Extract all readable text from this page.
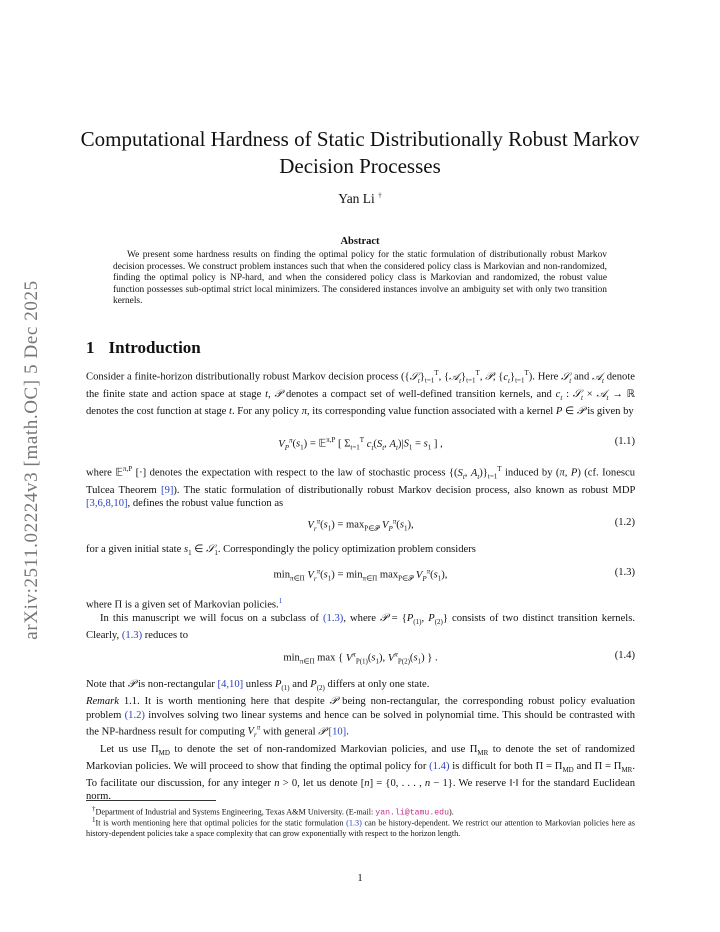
arXiv:2511.02224v3 [math.OC] 5 Dec 2025
Computational Hardness of Static Distributionally Robust Markov Decision Processes
Yan Li †
Abstract
We present some hardness results on finding the optimal policy for the static formulation of distributionally robust Markov decision processes. We construct problem instances such that when the considered policy class is Markovian and non-randomized, finding the optimal policy is NP-hard, and when the considered policy class is Markovian and randomized, the robust value function possesses sub-optimal strict local minimizers. The considered instances involve an ambiguity set with only two transition kernels.
1 Introduction
Consider a finite-horizon distributionally robust Markov decision process ($\{𝒮_t\}_{t=1}^T$, $\{𝒜_t\}_{t=1}^T$, 𝒫, $\{c_t\}_{t=1}^T$). Here 𝒮$_t$ and 𝒜$_t$ denote the finite state and action space at stage t, 𝒫 denotes a compact set of well-defined transition kernels, and $c_t$ : 𝒮$_t$ × 𝒜$_t$ → ℝ denotes the cost function at stage t. For any policy π, its corresponding value function associated with a kernel P ∈ 𝒫 is given by
$V_P^\pi(s_1)$ = 𝔼$^{\pi,P}$ [ $\Sigma_{t=1}^T$ $c_t(S_t$, $A_t)|S_1 = s_1$ ] ,	(1.1)
where 𝔼$^{\pi,P}$ [·] denotes the expectation with respect to the law of stochastic process {($S_t$, $A_t)\}_{t=1}^T$ induced by (π, P) (cf. Ionescu Tulcea Theorem [9]). The static formulation of distributionally robust Markov decision process, also known as robust MDP [3,6,8,10], defines the robust value function as
$V_r^\pi(s_1) = \max_{P\in 𝒫} V_P^\pi(s_1)$,	(1.2)
for a given initial state $s_1$ ∈ 𝒮$_1$. Correspondingly the policy optimization problem considers
$\min_{\pi\in\Pi} V_r^\pi(s_1) = \min_{\pi\in\Pi} \max_{P\in 𝒫} V_P^\pi(s_1)$,	(1.3)
where Π is a given set of Markovian policies.$^1$
In this manuscript we will focus on a subclass of (1.3), where 𝒫 = {$P_{(1)}$, $P_{(2)}$} consists of two distinct transition kernels. Clearly, (1.3) reduces to
$\min_{\pi\in\Pi} \max$ { $V^\pi_{P(1)}(s_1)$, $V^\pi_{P(2)}(s_1)$ } .	(1.4)
Note that 𝒫 is non-rectangular [4,10] unless $P_{(1)}$ and $P_{(2)}$ differs at only one state.
Remark 1.1. It is worth mentioning here that despite 𝒫 being non-rectangular, the corresponding robust policy evaluation problem (1.2) involves solving two linear systems and hence can be solved in polynomial time. This should be contrasted with the NP-hardness result for computing $V_r^\pi$ with general 𝒫 [10].
Let us use $\Pi_{MD}$ to denote the set of non-randomized Markovian policies, and use $\Pi_{MR}$ to denote the set of randomized Markovian policies. We will proceed to show that finding the optimal policy for (1.4) is difficult for both $\Pi = \Pi_{MD}$ and $\Pi = \Pi_{MR}$. To facilitate our discussion, for any integer n > 0, let us denote [n] = {0, . . . , n − 1}. We reserve ‖·‖ for the standard Euclidean norm.
†Department of Industrial and Systems Engineering, Texas A&M University. (E-mail: yan.li@tamu.edu).
$^1$It is worth mentioning here that optimal policies for the static formulation (1.3) can be history-dependent. We restrict our attention to Markovian policies here as history-dependent policies take a space complexity that can grow exponentially with respect to the horizon length.
1
